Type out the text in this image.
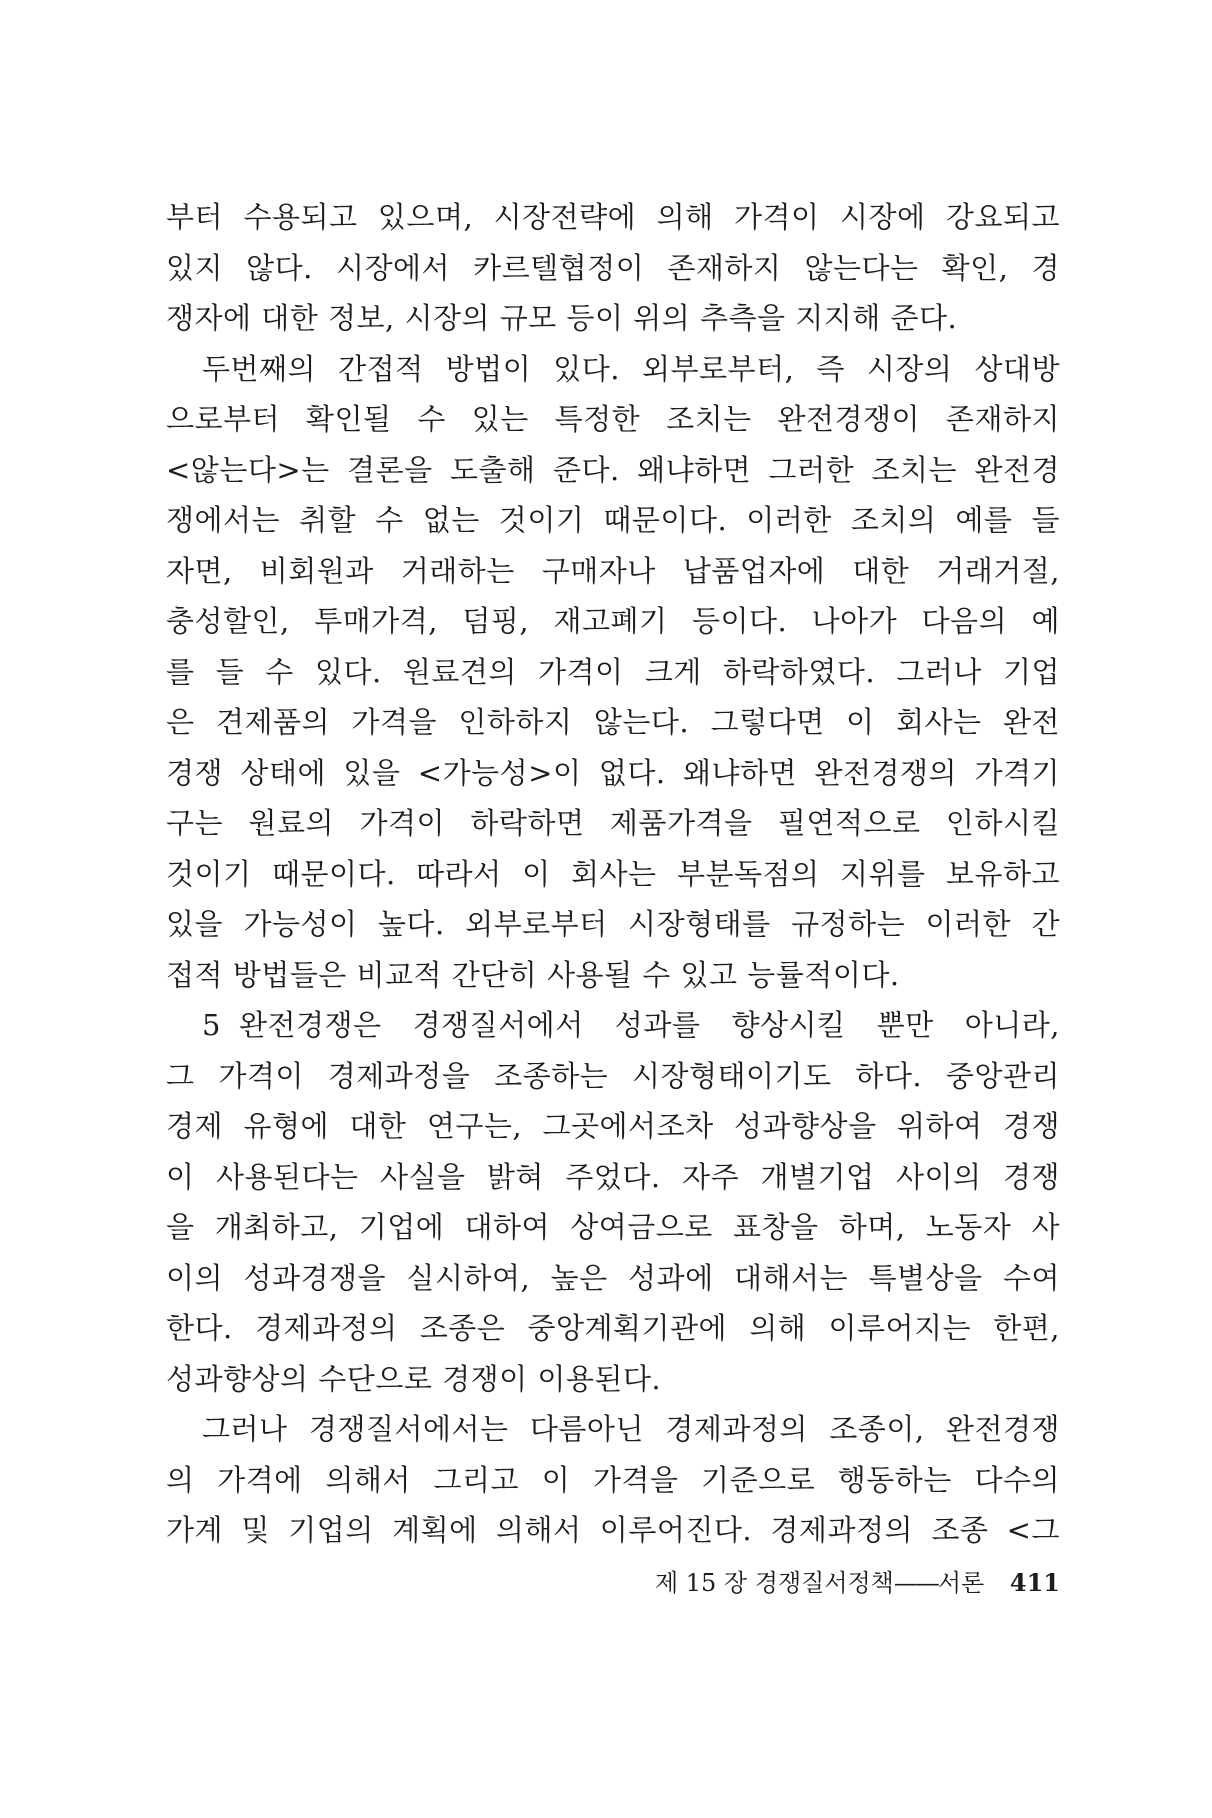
부터 수용되고 있으며, 시장전략에 의해 가격이 시장에 강요되고
있지 않다. 시장에서 카르텔협정이 존재하지 않는다는 확인, 경
쟁자에 대한 정보, 시장의 규모 등이 위의 추측을 지지해 준다.
두번째의 간접적 방법이 있다. 외부로부터, 즉 시장의 상대방
으로부터 확인될 수 있는 특정한 조치는 완전경쟁이 존재하지
<않는다>는 결론을 도출해 준다. 왜냐하면 그러한 조치는 완전경
쟁에서는 취할 수 없는 것이기 때문이다. 이러한 조치의 예를 들
자면, 비회원과 거래하는 구매자나 납품업자에 대한 거래거절,
충성할인, 투매가격, 덤핑, 재고폐기 등이다. 나아가 다음의 예
를 들 수 있다. 원료견의 가격이 크게 하락하였다. 그러나 기업
은 견제품의 가격을 인하하지 않는다. 그렇다면 이 회사는 완전
경쟁 상태에 있을 <가능성>이 없다. 왜냐하면 완전경쟁의 가격기
구는 원료의 가격이 하락하면 제품가격을 필연적으로 인하시킬
것이기 때문이다. 따라서 이 회사는 부분독점의 지위를 보유하고
있을 가능성이 높다. 외부로부터 시장형태를 규정하는 이러한 간
접적 방법들은 비교적 간단히 사용될 수 있고 능률적이다.
5 완전경쟁은 경쟁질서에서 성과를 향상시킬 뿐만 아니라,
그 가격이 경제과정을 조종하는 시장형태이기도 하다. 중앙관리
경제 유형에 대한 연구는, 그곳에서조차 성과향상을 위하여 경쟁
이 사용된다는 사실을 밝혀 주었다. 자주 개별기업 사이의 경쟁
을 개최하고, 기업에 대하여 상여금으로 표창을 하며, 노동자 사
이의 성과경쟁을 실시하여, 높은 성과에 대해서는 특별상을 수여
한다. 경제과정의 조종은 중앙계획기관에 의해 이루어지는 한편,
성과향상의 수단으로 경쟁이 이용된다.
그러나 경쟁질서에서는 다름아닌 경제과정의 조종이, 완전경쟁
의 가격에 의해서 그리고 이 가격을 기준으로 행동하는 다수의
가계 및 기업의 계획에 의해서 이루어진다. 경제과정의 조종 <그
제 15 장 경쟁질서정책——서론 411
